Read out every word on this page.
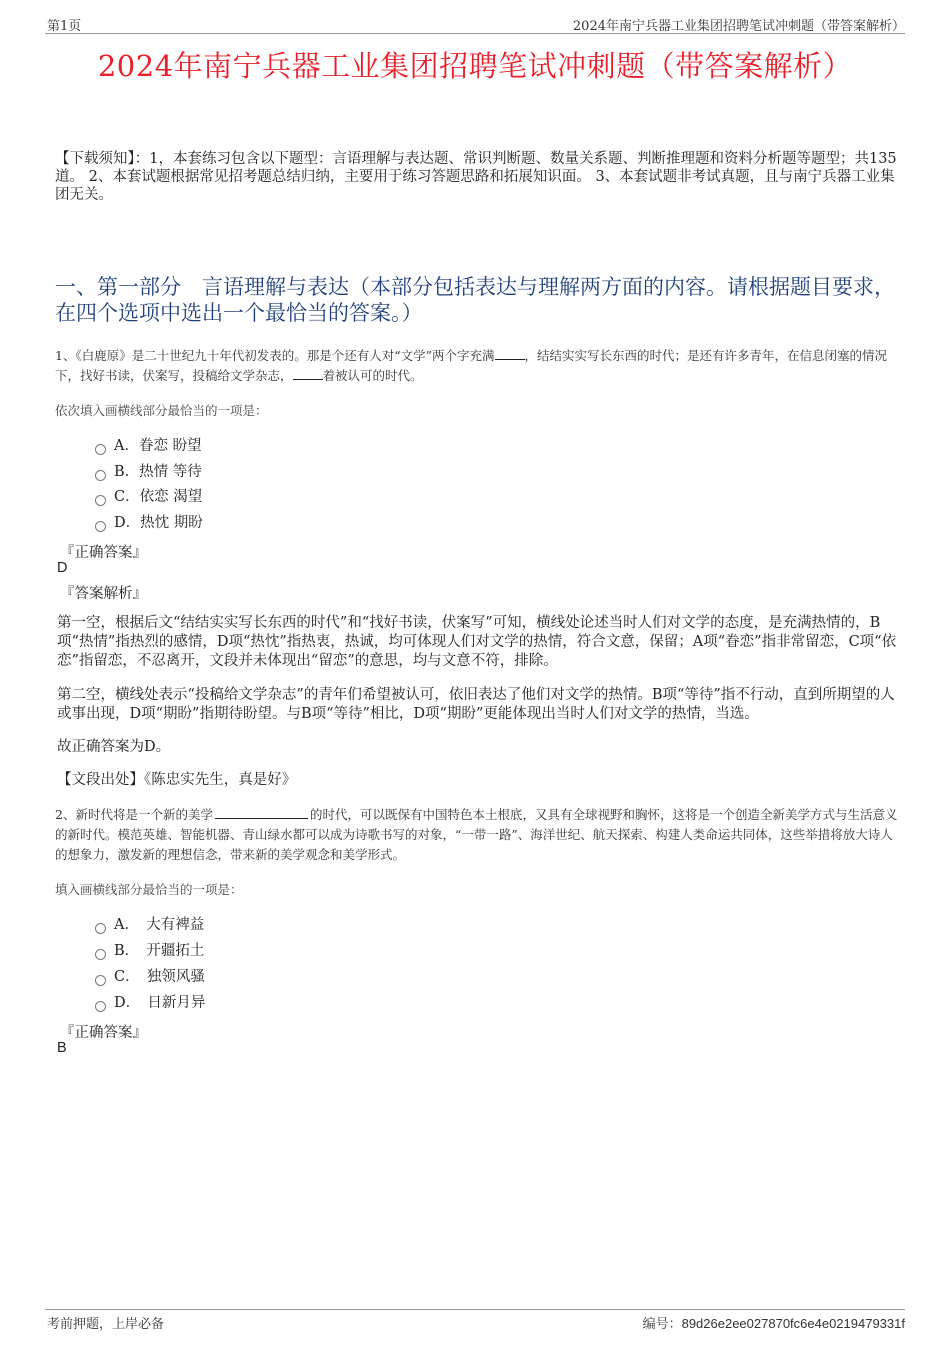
第1页	2024年南宁兵器工业集团招聘笔试冲刺题（带答案解析）
2024年南宁兵器工业集团招聘笔试冲刺题（带答案解析）
【下载须知】：1，本套练习包含以下题型：言语理解与表达题、常识判断题、数量关系题、判断推理题和资料分析题等题型；共135道。 2、本套试题根据常见招考题总结归纳，主要用于练习答题思路和拓展知识面。 3、本套试题非考试真题，且与南宁兵器工业集团无关。
一、第一部分　言语理解与表达（本部分包括表达与理解两方面的内容。请根据题目要求，在四个选项中选出一个最恰当的答案。）
1、《白鹿原》是二十世纪九十年代初发表的。那是个还有人对“文学”两个字充满 ，结结实实写长东西的时代；是还有许多青年，在信息闭塞的情况下，找好书读，伏案写，投稿给文学杂志， 着被认可的时代。
依次填入画横线部分最恰当的一项是：
A．眷恋 盼望
B．热情 等待
C．依恋 渴望
D．热忱 期盼
『正确答案』
D
『答案解析』
第一空，根据后文“结结实实写长东西的时代”和“找好书读，伏案写”可知，横线处论述当时人们对文学的态度，是充满热情的，B项“热情”指热烈的感情，D项“热忱”指热衷，热诚，均可体现人们对文学的热情，符合文意，保留；A项“眷恋”指非常留恋，C项“依恋”指留恋，不忍离开，文段并未体现出“留恋”的意思，均与文意不符，排除。
第二空，横线处表示“投稿给文学杂志”的青年们希望被认可，依旧表达了他们对文学的热情。B项“等待”指不行动，直到所期望的人或事出现，D项“期盼”指期待盼望。与B项“等待”相比，D项“期盼”更能体现出当时人们对文学的热情，当选。
故正确答案为D。
【文段出处】《陈忠实先生，真是好》
2、新时代将是一个新的美学	的时代，可以既保有中国特色本土根底，又具有全球视野和胸怀，这将是一个创造全新美学方式与生活意义的新时代。模范英雄、智能机器、青山绿水都可以成为诗歌书写的对象，“一带一路”、海洋世纪、航天探索、构建人类命运共同体，这些举措将放大诗人的想象力，激发新的理想信念，带来新的美学观念和美学形式。
填入画横线部分最恰当的一项是：
A．　大有裨益
B．　开疆拓土
C．　独领风骚
D．　日新月异
『正确答案』
B
考前押题，上岸必备	编号：89d26e2ee027870fc6e4e0219479331f
